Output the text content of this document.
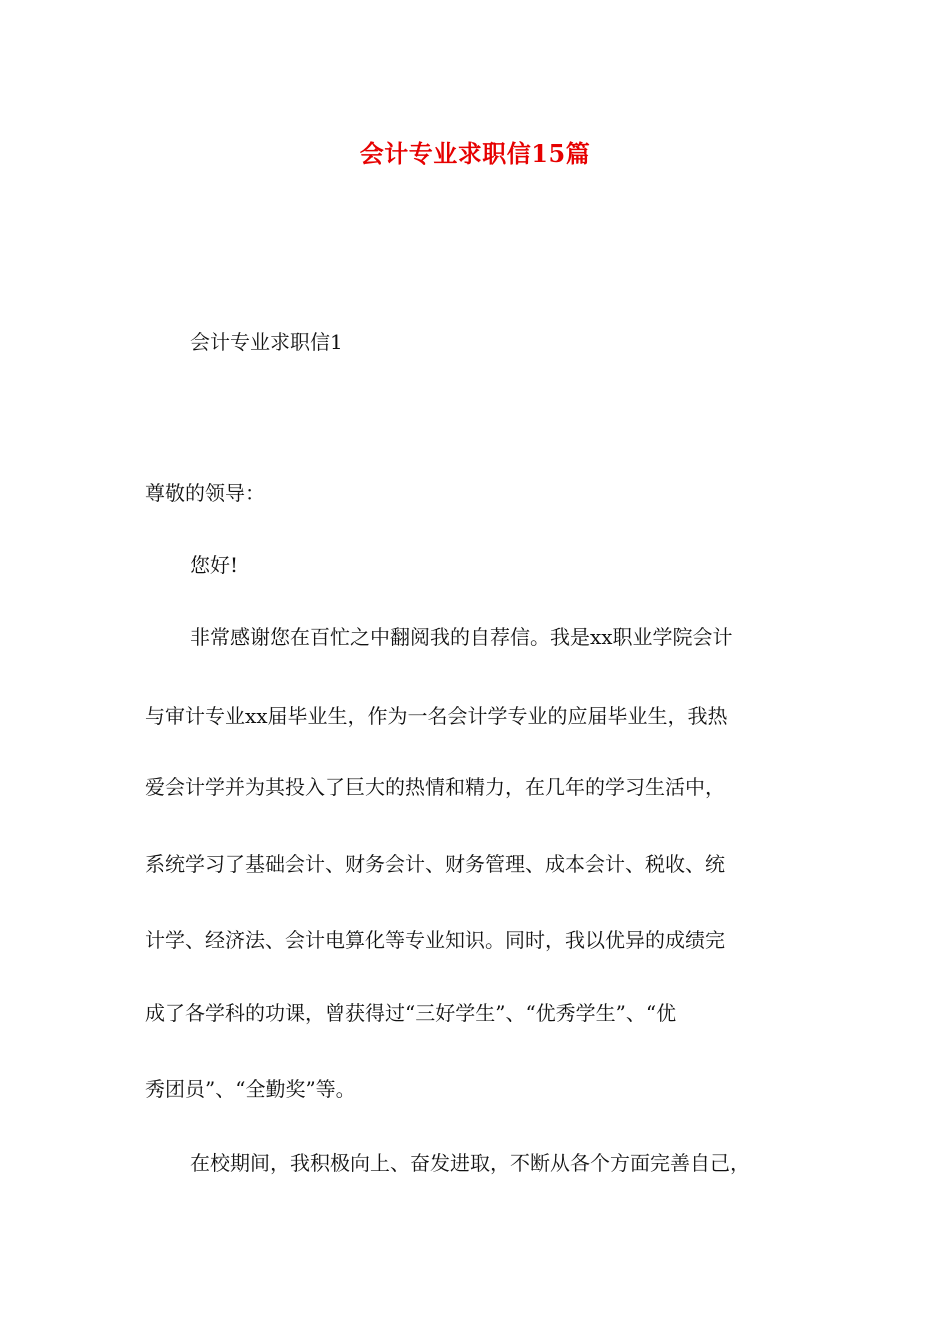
会计专业求职信15篇
会计专业求职信1
尊敬的领导：
您好!
非常感谢您在百忙之中翻阅我的自荐信。我是xx职业学院会计
与审计专业xx届毕业生，作为一名会计学专业的应届毕业生，我热
爱会计学并为其投入了巨大的热情和精力，在几年的学习生活中，
系统学习了基础会计、财务会计、财务管理、成本会计、税收、统
计学、经济法、会计电算化等专业知识。同时，我以优异的成绩完
成了各学科的功课，曾获得过“三好学生”、“优秀学生”、“优
秀团员”、“全勤奖”等。
在校期间，我积极向上、奋发进取，不断从各个方面完善自己，
